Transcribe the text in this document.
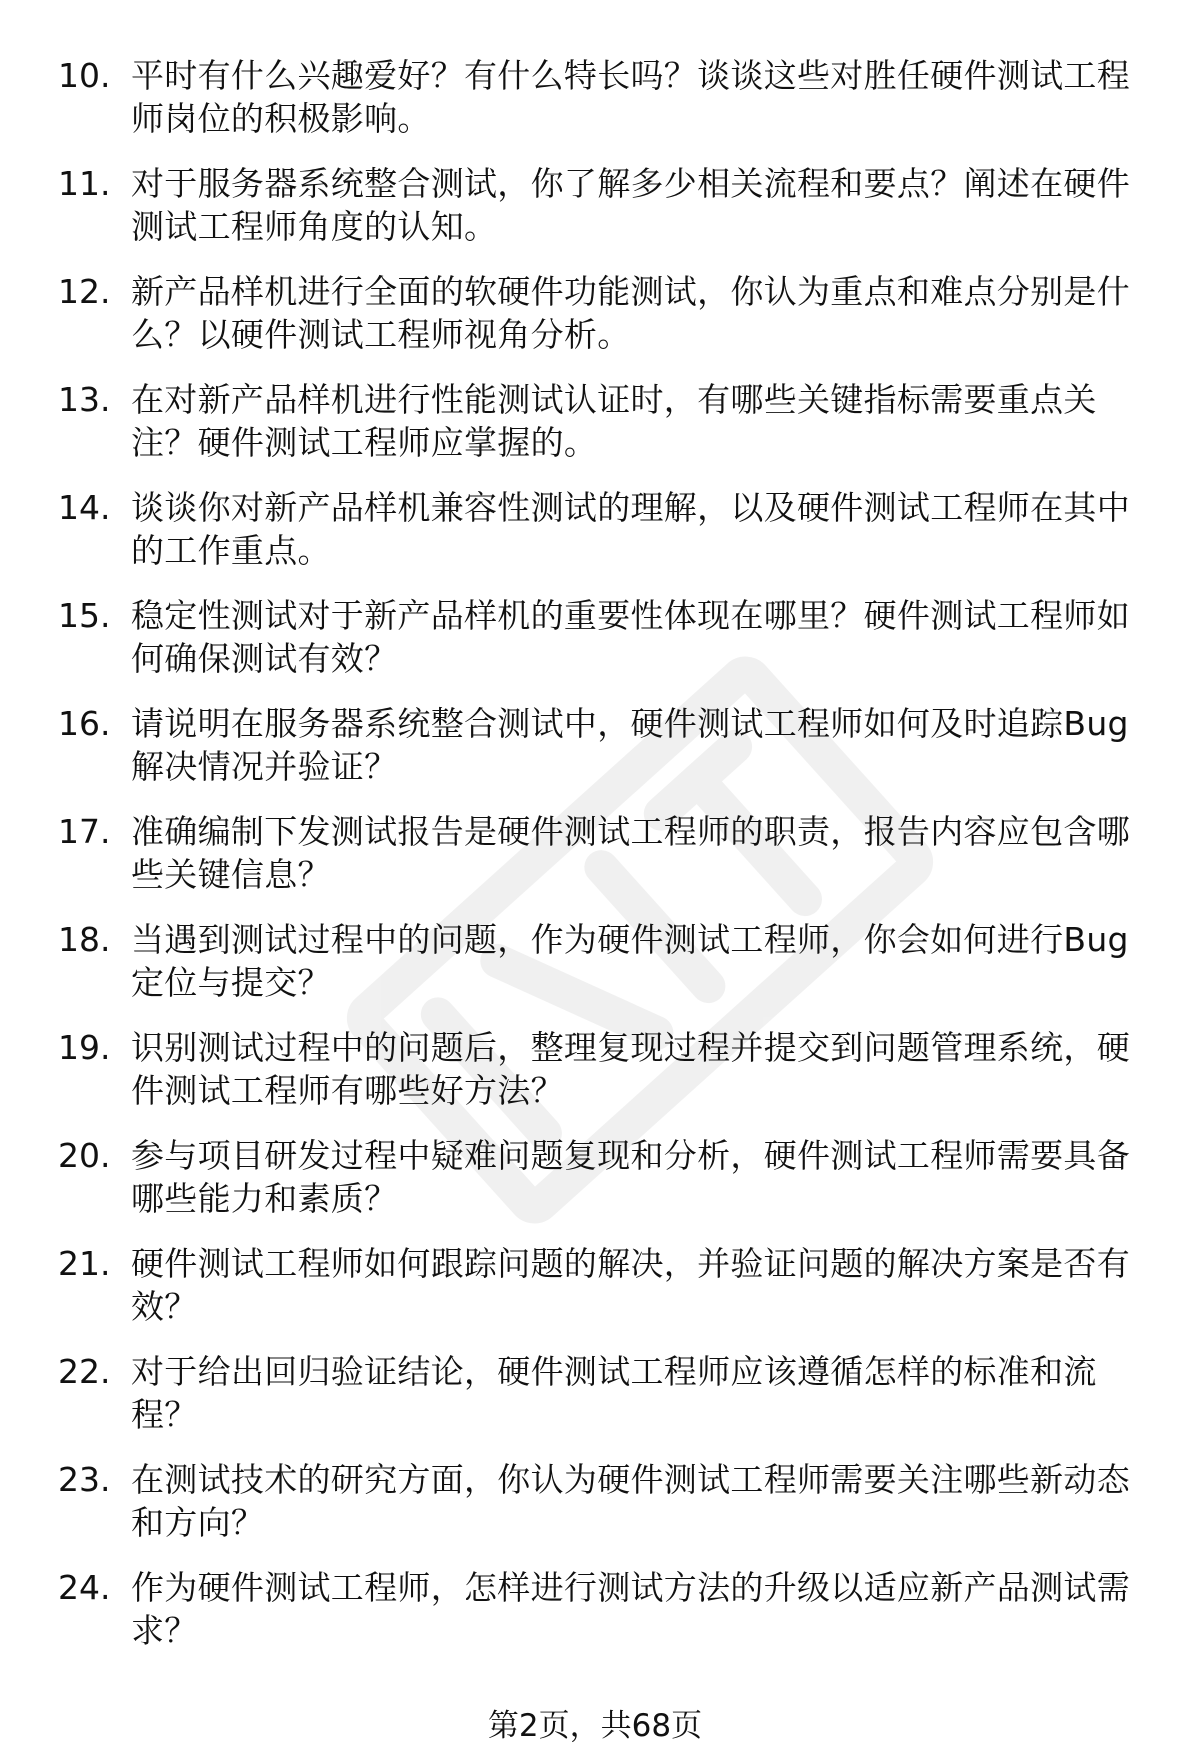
10. 平时有什么兴趣爱好？有什么特长吗？谈谈这些对胜任硬件测试工程师岗位的积极影响。
11. 对于服务器系统整合测试，你了解多少相关流程和要点？阐述在硬件测试工程师角度的认知。
12. 新产品样机进行全面的软硬件功能测试，你认为重点和难点分别是什么？以硬件测试工程师视角分析。
13. 在对新产品样机进行性能测试认证时，有哪些关键指标需要重点关注？硬件测试工程师应掌握的。
14. 谈谈你对新产品样机兼容性测试的理解，以及硬件测试工程师在其中的工作重点。
15. 稳定性测试对于新产品样机的重要性体现在哪里？硬件测试工程师如何确保测试有效？
16. 请说明在服务器系统整合测试中，硬件测试工程师如何及时追踪Bug解决情况并验证？
17. 准确编制下发测试报告是硬件测试工程师的职责，报告内容应包含哪些关键信息？
18. 当遇到测试过程中的问题，作为硬件测试工程师，你会如何进行Bug定位与提交？
19. 识别测试过程中的问题后，整理复现过程并提交到问题管理系统，硬件测试工程师有哪些好方法？
20. 参与项目研发过程中疑难问题复现和分析，硬件测试工程师需要具备哪些能力和素质？
21. 硬件测试工程师如何跟踪问题的解决，并验证问题的解决方案是否有效？
22. 对于给出回归验证结论，硬件测试工程师应该遵循怎样的标准和流程？
23. 在测试技术的研究方面，你认为硬件测试工程师需要关注哪些新动态和方向？
24. 作为硬件测试工程师，怎样进行测试方法的升级以适应新产品测试需求？
第2页，共68页
